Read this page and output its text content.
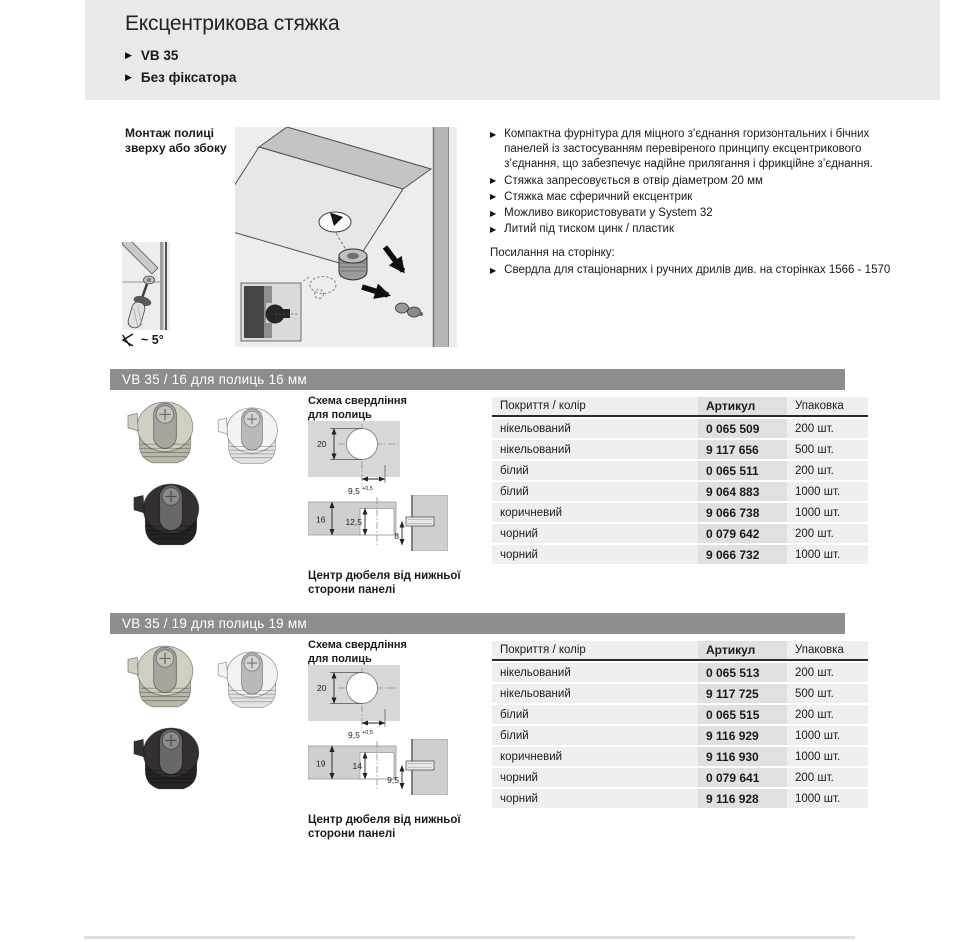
Ексцентрикова стяжка
▶ VB 35
▶ Без фіксатора
Монтаж полиці зверху або збоку
~ 5°
▶ Компактна фурнітура для міцного з’єднання горизонтальних і бічних панелей із застосуванням перевіреного принципу ексцентрикового з’єднання, що забезпечує надійне прилягання і фрикційне з’єднання.
▶ Стяжка запресовується в отвір діаметром 20 мм
▶ Стяжка має сферичний ексцентрик
▶ Можливо використовувати у System 32
▶ Литий під тиском цинк / пластик
Посилання на сторінку:
▶ Свердла для стаціонарних і ручних дрилів див. на сторінках 1566 - 1570
VB 35 / 16 для полиць 16 мм
Схема свердління для полиць
20
9,5 +0,5
16 12,5
8
Центр дюбеля від нижньої сторони панелі
Покриття / колір	Артикул	Упаковка
нікельований	0 065 509	200 шт.
нікельований	9 117 656	500 шт.
білий	0 065 511	200 шт.
білий	9 064 883	1000 шт.
коричневий	9 066 738	1000 шт.
чорний	0 079 642	200 шт.
чорний	9 066 732	1000 шт.
VB 35 / 19 для полиць 19 мм
Схема свердління для полиць
20
9,5 +0,5
19	14
9,5
Центр дюбеля від нижньої сторони панелі
Покриття / колір	Артикул	Упаковка
нікельований	0 065 513	200 шт.
нікельований	9 117 725	500 шт.
білий	0 065 515	200 шт.
білий	9 116 929	1000 шт.
коричневий	9 116 930	1000 шт.
чорний	0 079 641	200 шт.
чорний	9 116 928	1000 шт.
